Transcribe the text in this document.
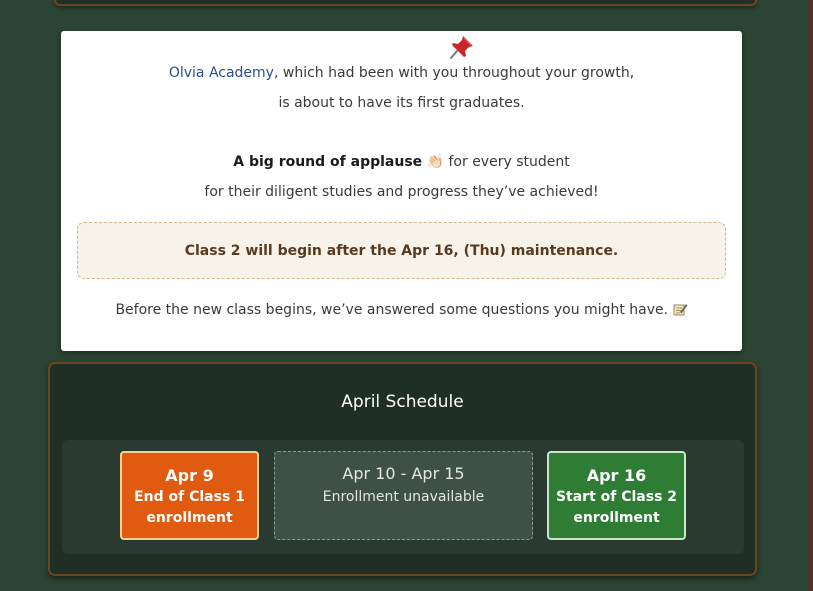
Olvia Academy, which had been with you throughout your growth,
is about to have its first graduates.
A big round of applause 👏🏻 for every student
for their diligent studies and progress they’ve achieved!
Class 2 will begin after the Apr 16, (Thu) maintenance.
Before the new class begins, we’ve answered some questions you might have.
April Schedule
Apr 9
End of Class 1
enrollment
Apr 10 - Apr 15
Enrollment unavailable
Apr 16
Start of Class 2
enrollment
